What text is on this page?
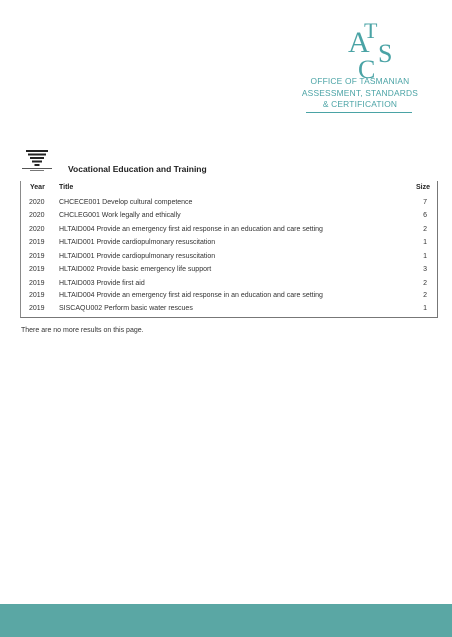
A
T
S
C
OFFICE OF TASMANIAN
ASSESSMENT, STANDARDS
& CERTIFICATION
Vocational Education and Training
Year Title	Size
2020 CHCECE001 Develop cultural competence	7
2020 CHCLEG001 Work legally and ethically	6
2020 HLTAID004 Provide an emergency first aid response in an education and care setting	2
2019 HLTAID001 Provide cardiopulmonary resuscitation	1
2019 HLTAID001 Provide cardiopulmonary resuscitation	1
2019 HLTAID002 Provide basic emergency life support	3
2019 HLTAID003 Provide first aid	2
2019 HLTAID004 Provide an emergency first aid response in an education and care setting	2
2019 SISCAQU002 Perform basic water rescues	1
There are no more results on this page.
